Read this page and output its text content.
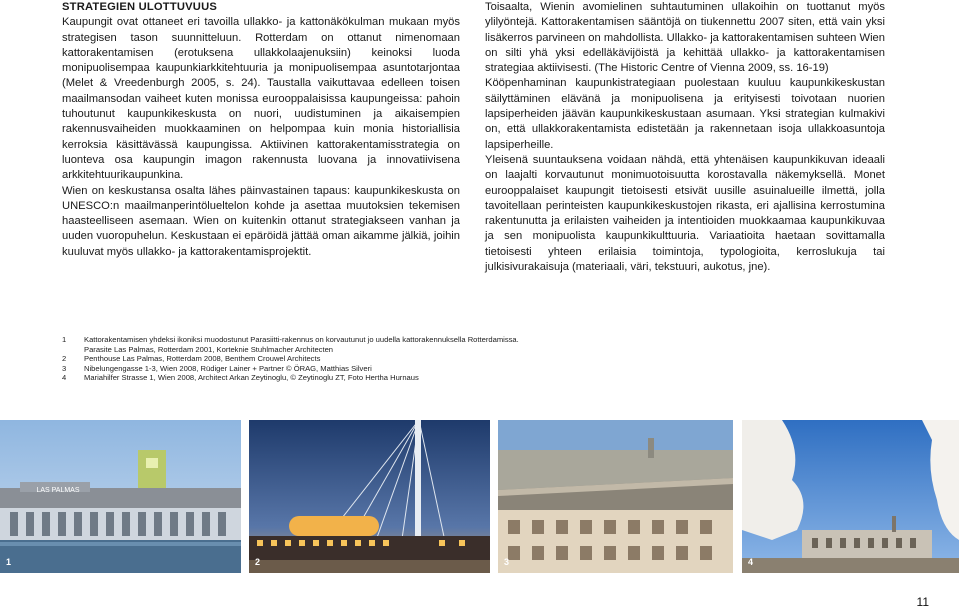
STRATEGIEN ULOTTUVUUS

Kaupungit ovat ottaneet eri tavoilla ullakko- ja kattonäkökulman mukaan myös strategisen tason suunnitteluun. Rotterdam on ottanut nimenomaan kattorakentamisen (erotuksena ullakkolaajenuksiin) keinoksi luoda monipuolisempaa kaupunkiarkkitehtuuria ja monipuolisempaa asuntotarjontaa (Melet & Vreedenburgh 2005, s. 24). Taustalla vaikuttavaa edelleen toisen maailmansodan vaiheet kuten monissa eurooppalaisissa kaupungeissa: pahoin tuhoutunut kaupunkikeskusta on nuori, uudistuminen ja aikaisempien rakennusvaiheiden muokkaaminen on helpompaa kuin monia historiallisia kerroksia käsittävässä kaupungissa. Aktiivinen kattorakentamisstrategia on luonteva osa kaupungin imagon rakennusta luovana ja innovatiivisena arkkitehtuurikaupunkina.

Wien on keskustansa osalta lähes päinvastainen tapaus: kaupunkikeskusta on UNESCO:n maailmanperintölueltelon kohde ja asettaa muutoksien tekemisen haasteelliseen asemaan. Wien on kuitenkin ottanut strategiakseen vanhan ja uuden vuoropuhelun. Keskustaan ei epäröidä jättää oman aikamme jälkiä, joihin kuuluvat myös ullakko- ja kattorakentamisprojektit.

Toisaalta, Wienin avomielinen suhtautuminen ullakoihin on tuottanut myös ylilyöntejä. Kattorakentamisen sääntöjä on tiukennettu 2007 siten, että vain yksi lisäkerros parvineen on mahdollista. Ullakko- ja kattorakentamisen suhteen Wien on silti yhä yksi edelläkävijöistä ja kehittää ullakko- ja kattorakentamisen strategiaa aktiivisesti. (The Historic Centre of Vienna 2009, ss. 16-19)

Kööpenhaminan kaupunkistrategiaan puolestaan kuuluu kaupunkikeskustan säilyttäminen elävänä ja monipuolisena ja erityisesti toivotaan nuorien lapsiperheiden jäävän kaupunkikeskustaan asumaan. Yksi strategian kulmakivi on, että ullakkorakentamista edistetään ja rakennetaan isoja ullakkoasuntoja lapsiperheille.

Yleisenä suuntauksena voidaan nähdä, että yhtenäisen kaupunkikuvan ideaali on laajalti korvautunut monimuotoisuutta korostavalla näkemyksellä. Monet eurooppalaiset kaupungit tietoisesti etsivät uusille asuinalueille ilmettä, jolla tavoitellaan perinteisten kaupunkikeskustojen rikasta, eri ajallisina kerrostumina rakentunutta ja erilaisten vaiheiden ja intentioiden muokkaamaa kaupunkikuvaa ja sen monipuolista kaupunkikulttuuria. Variaatioita haetaan sovittamalla tietoisesti yhteen erilaisia toimintoja, typologioita, kerroslukuja tai julkisivurakaisuja (materiaali, väri, tekstuuri, aukotus, jne).

1	Kattorakentamisen yhdeksi ikoniksi muodostunut Parasiitti-rakennus on korvautunut jo uudella kattorakennuksella Rotterdamissa. Parasite Las Palmas, Rotterdam 2001, Korteknie Stuhlmacher Architecten
2	Penthouse Las Palmas, Rotterdam 2008, Benthem Crouwel Architects
3	Nibelungengasse 1-3, Wien 2008, Rüdiger Lainer + Partner © ÖRAG, Matthias Silveri
4	Mariahilfer Strasse 1, Wien 2008, Architect Arkan Zeytinoglu, © Zeytinoglu ZT, Foto Hertha Hurnaus
LAS PALMAS
1	2	3	4
11
